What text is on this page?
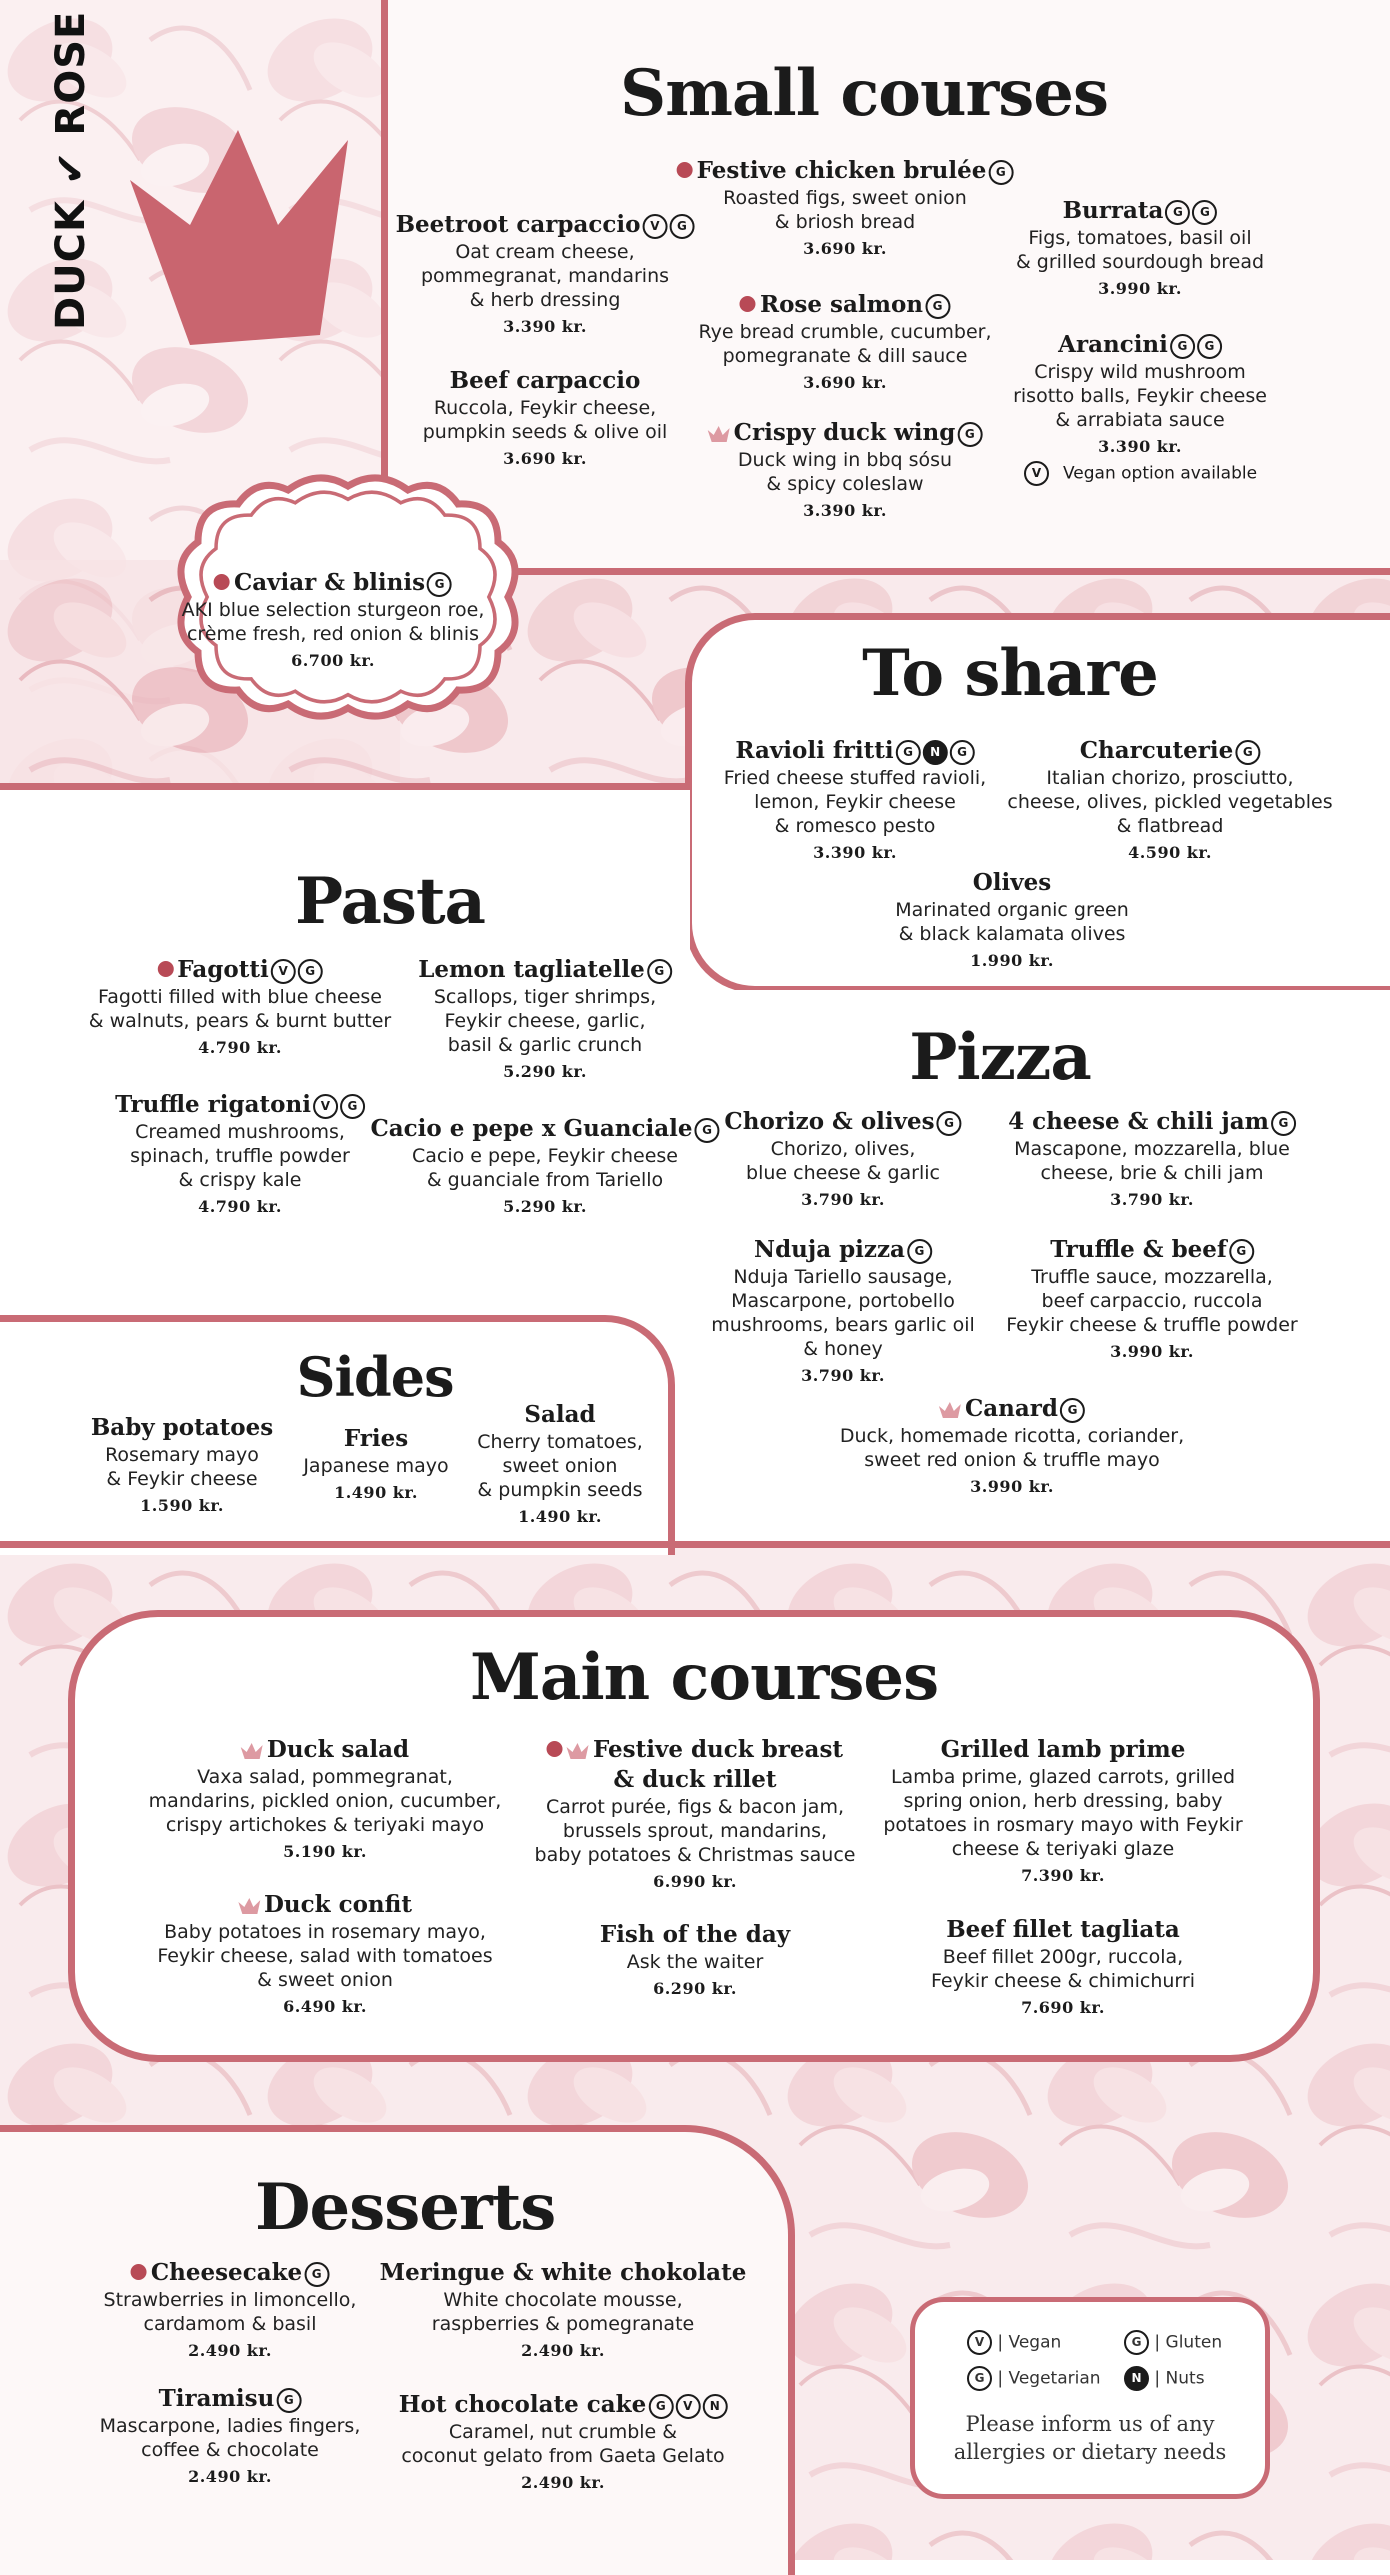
DUCK ✔ ROSE	Small courses
To share
Pasta
Pizza
Sides
Main courses
Desserts
Festive chicken brulée G
Roasted figs, sweet onion
& briosh bread
3.690 kr.
Beetroot carpaccio V G
Oat cream cheese,
pommegranat, mandarins
& herb dressing
3.390 kr.
Burrata G G
Figs, tomatoes, basil oil
& grilled sourdough bread
3.990 kr.
Rose salmon G
Rye bread crumble, cucumber,
pomegranate & dill sauce
3.690 kr.
Beef carpaccio
Ruccola, Feykir cheese,
pumpkin seeds & olive oil
3.690 kr.
Arancini G G
Crispy wild mushroom
risotto balls, Feykir cheese
& arrabiata sauce
3.390 kr.
Crispy duck wing G
Duck wing in bbq sósu
& spicy coleslaw
3.390 kr.
V Vegan option available
Caviar & blinis G
AKI blue selection sturgeon roe,
crème fresh, red onion & blinis
6.700 kr.
Ravioli fritti G N G
Fried cheese stuffed ravioli,
lemon, Feykir cheese
& romesco pesto
3.390 kr.
Charcuterie G
Italian chorizo, prosciutto,
cheese, olives, pickled vegetables
& flatbread
4.590 kr.
Olives
Marinated organic green
& black kalamata olives
1.990 kr.
Fagotti V G
Fagotti filled with blue cheese
& walnuts, pears & burnt butter
4.790 kr.
Lemon tagliatelle G
Scallops, tiger shrimps,
Feykir cheese, garlic,
basil & garlic crunch
5.290 kr.
Truffle rigatoni V G
Creamed mushrooms,
spinach, truffle powder
& crispy kale
4.790 kr.
Cacio e pepe x Guanciale G
Cacio e pepe, Feykir cheese
& guanciale from Tariello
5.290 kr.
Chorizo & olives G
Chorizo, olives,
blue cheese & garlic
3.790 kr.
4 cheese & chili jam G
Mascapone, mozzarella, blue
cheese, brie & chili jam
3.790 kr.
Nduja pizza G
Nduja Tariello sausage,
Mascarpone, portobello
mushrooms, bears garlic oil
& honey
3.790 kr.
Truffle & beef G
Truffle sauce, mozzarella,
beef carpaccio, ruccola
Feykir cheese & truffle powder
3.990 kr.
Canard G
Duck, homemade ricotta, coriander,
sweet red onion & truffle mayo
3.990 kr.
Baby potatoes
Rosemary mayo
& Feykir cheese
1.590 kr.
Fries
Japanese mayo
1.490 kr.
Salad
Cherry tomatoes,
sweet onion
& pumpkin seeds
1.490 kr.
Duck salad
Vaxa salad, pommegranat,
mandarins, pickled onion, cucumber,
crispy artichokes & teriyaki mayo
5.190 kr.
Festive duck breast
& duck rillet
Carrot purée, figs & bacon jam,
brussels sprout, mandarins,
baby potatoes & Christmas sauce
6.990 kr.
Grilled lamb prime
Lamba prime, glazed carrots, grilled
spring onion, herb dressing, baby
potatoes in rosmary mayo with Feykir
cheese & teriyaki glaze
7.390 kr.
Duck confit
Baby potatoes in rosemary mayo,
Feykir cheese, salad with tomatoes
& sweet onion
6.490 kr.
Fish of the day
Ask the waiter
6.290 kr.
Beef fillet tagliata
Beef fillet 200gr, ruccola,
Feykir cheese & chimichurri
7.690 kr.
Cheesecake G
Strawberries in limoncello,
cardamom & basil
2.490 kr.
Meringue & white chokolate
White chocolate mousse,
raspberries & pomegranate
2.490 kr.
Tiramisu G
Mascarpone, ladies fingers,
coffee & chocolate
2.490 kr.
Hot chocolate cake G V N
Caramel, nut crumble &
coconut gelato from Gaeta Gelato
2.490 kr.
V | Vegan	G | Gluten
G | Vegetarian	N | Nuts
Please inform us of any
allergies or dietary needs
